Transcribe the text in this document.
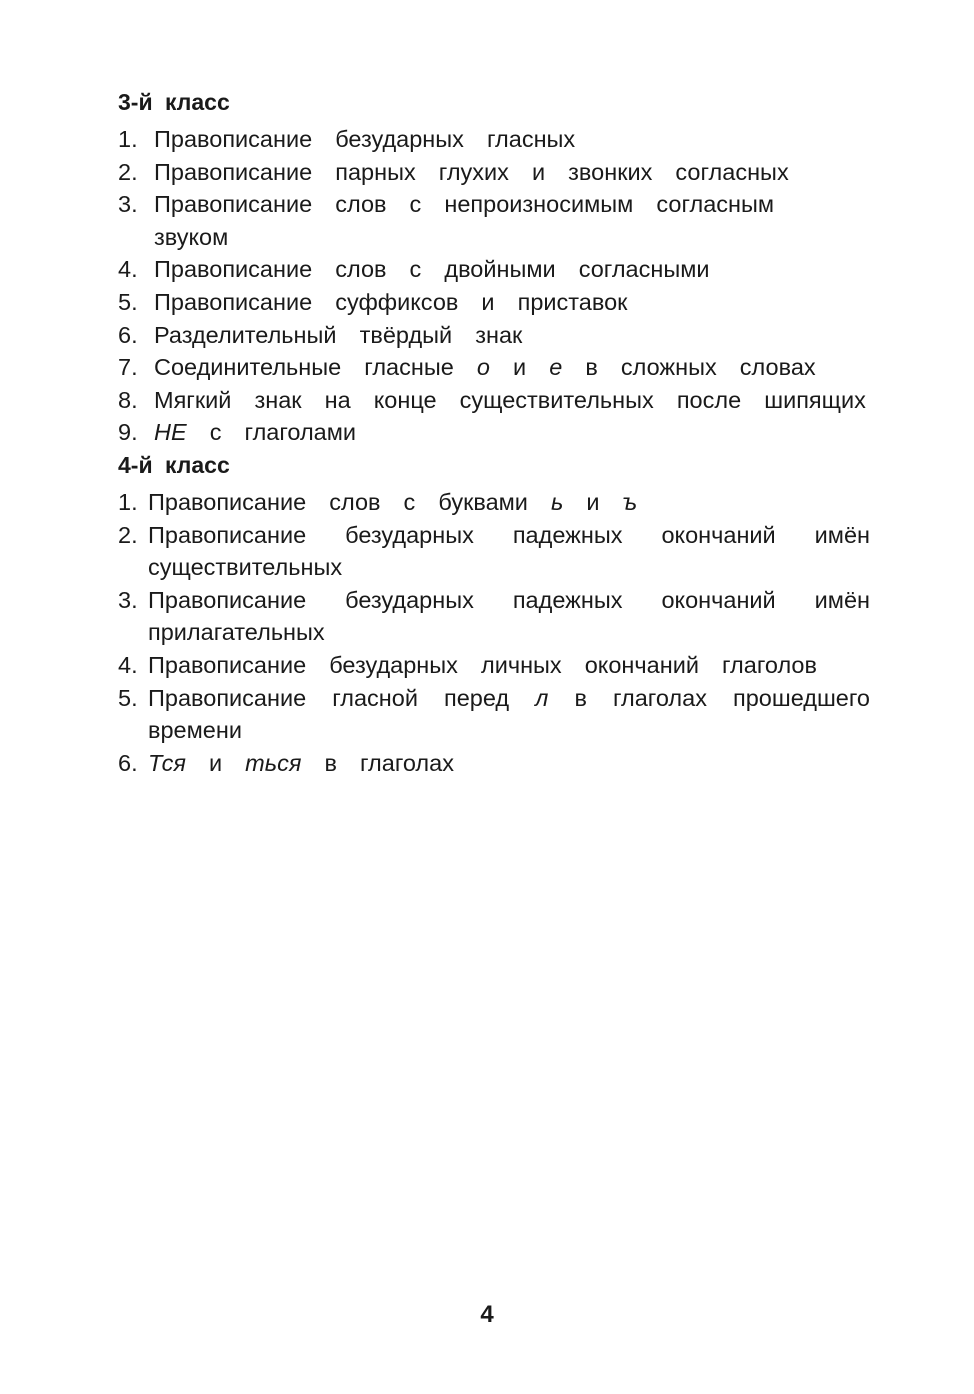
3-й класс
1. Правописание  безударных  гласных
2. Правописание  парных  глухих  и  звонких  согласных
3. Правописание  слов  с  непроизносимым  согласным  звуком
4. Правописание  слов  с  двойными  согласными
5. Правописание  суффиксов  и  приставок
6. Разделительный  твёрдый  знак
7. Соединительные  гласные  о  и  е  в  сложных  словах
8. Мягкий  знак  на  конце  существительных  после  шипящих
9. НЕ  с  глаголами
4-й класс
1. Правописание  слов  с  буквами  ь  и  ъ
2. Правописание  безударных  падежных  окончаний  имён существительных
3. Правописание  безударных  падежных  окончаний  имён прилагательных
4. Правописание  безударных  личных  окончаний  глаголов
5. Правописание  гласной  перед  л  в  глаголах  прошедшего времени
6. Тся  и  ться  в  глаголах
4
